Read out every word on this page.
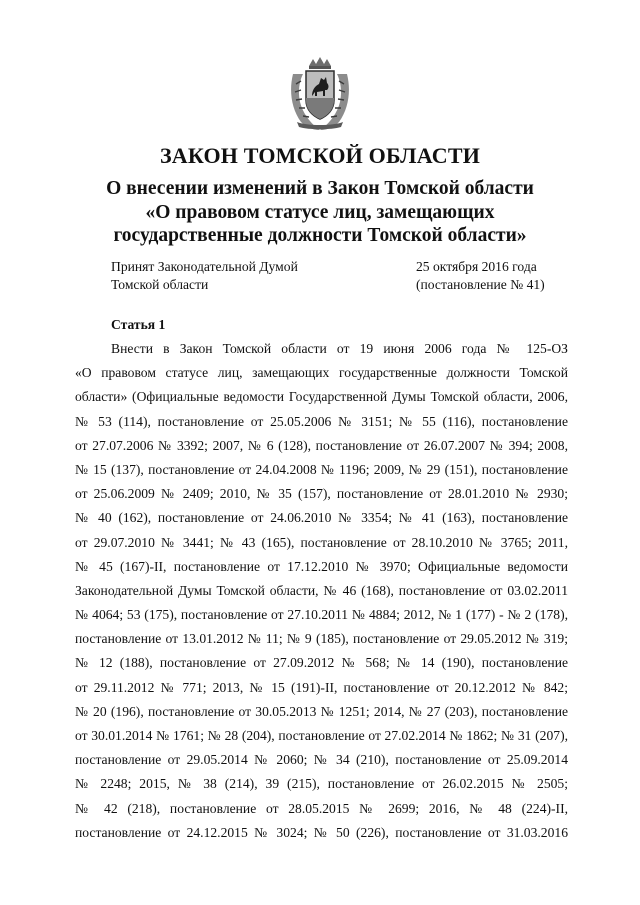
ЗАКОН ТОМСКОЙ ОБЛАСТИ
О внесении изменений в Закон Томской области
«О правовом статусе лиц, замещающих
государственные должности Томской области»
Принят Законодательной Думой
Томской области
25 октября 2016 года
(постановление № 41)
Статья 1
Внести в Закон Томской области от 19 июня 2006 года № 125-ОЗ
«О правовом статусе лиц, замещающих государственные должности Томской
области» (Официальные ведомости Государственной Думы Томской области, 2006,
№ 53 (114), постановление от 25.05.2006 № 3151; № 55 (116), постановление
от 27.07.2006 № 3392; 2007, № 6 (128), постановление от 26.07.2007 № 394; 2008,
№ 15 (137), постановление от 24.04.2008 № 1196; 2009, № 29 (151), постановление
от 25.06.2009 № 2409; 2010, № 35 (157), постановление от 28.01.2010 № 2930;
№ 40 (162), постановление от 24.06.2010 № 3354; № 41 (163), постановление
от 29.07.2010 № 3441; № 43 (165), постановление от 28.10.2010 № 3765; 2011,
№ 45 (167)-II, постановление от 17.12.2010 № 3970; Официальные ведомости
Законодательной Думы Томской области, № 46 (168), постановление от 03.02.2011
№ 4064; 53 (175), постановление от 27.10.2011 № 4884; 2012, № 1 (177) - № 2 (178),
постановление от 13.01.2012 № 11; № 9 (185), постановление от 29.05.2012 № 319;
№ 12 (188), постановление от 27.09.2012 № 568; № 14 (190), постановление
от 29.11.2012 № 771; 2013, № 15 (191)-II, постановление от 20.12.2012 № 842;
№ 20 (196), постановление от 30.05.2013 № 1251; 2014, № 27 (203), постановление
от 30.01.2014 № 1761; № 28 (204), постановление от 27.02.2014 № 1862; № 31 (207),
постановление от 29.05.2014 № 2060; № 34 (210), постановление от 25.09.2014
№ 2248; 2015, № 38 (214), 39 (215), постановление от 26.02.2015 № 2505;
№ 42 (218), постановление от 28.05.2015 № 2699; 2016, № 48 (224)-II,
постановление от 24.12.2015 № 3024; № 50 (226), постановление от 31.03.2016
